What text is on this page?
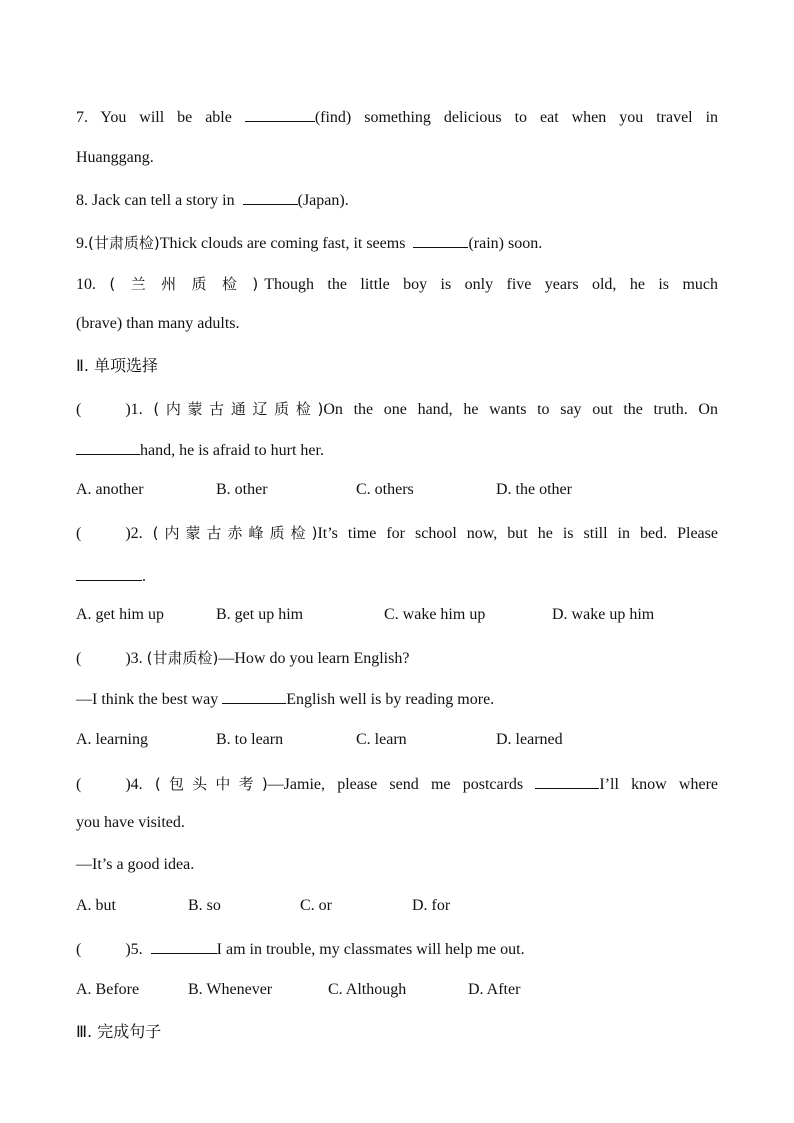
7. You will be able	(find) something delicious to eat when you travel in
Huanggang.
8. Jack can tell a story in	(Japan).
9.(甘肃质检)Thick clouds are coming fast, it seems	(rain) soon.
10. (兰州质检)Though the little boy is only five years old, he is much
(brave) than many adults.
Ⅱ. 单项选择
(	)1. (内蒙古通辽质检)On the one hand, he wants to say out the truth. On
hand, he is afraid to hurt her.
A. another	B. other	C. others	D. the other
(	)2. (内蒙古赤峰质检)It’s time for school now, but he is still in bed. Please
.
A. get him up	B. get up him	C. wake him up	D. wake up him
(	)3. (甘肃质检)—How do you learn English?
—I think the best way	English well is by reading more.
A. learning	B. to learn	C. learn	D. learned
(	)4. (包头中考)—Jamie, please send me postcards	I’ll know where
you have visited.
—It’s a good idea.
A. but	B. so	C. or	D. for
(	)5.	I am in trouble, my classmates will help me out.
A. Before	B. Whenever	C. Although	D. After
Ⅲ. 完成句子
